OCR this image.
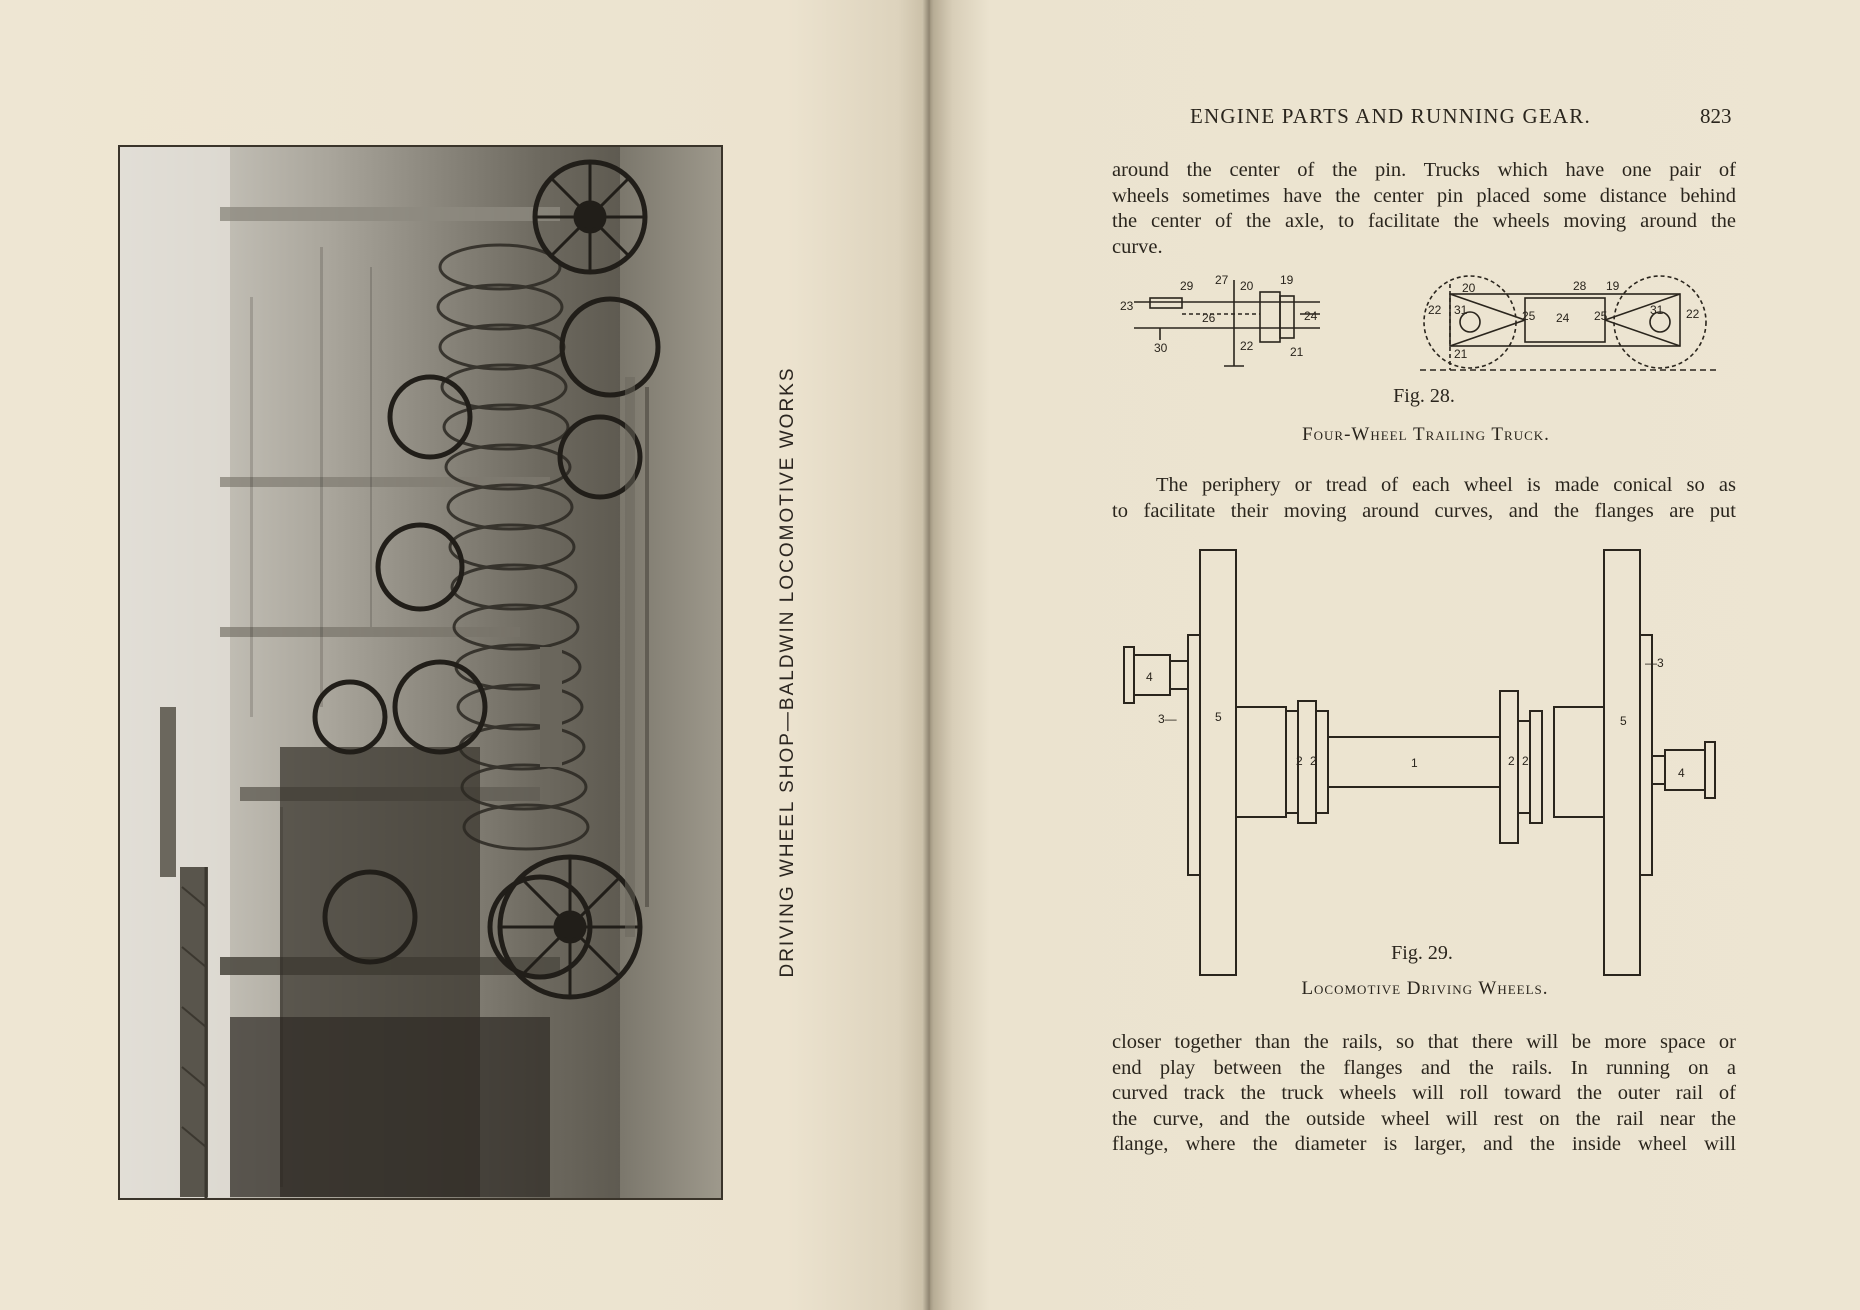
DRIVING WHEEL SHOP—BALDWIN LOCOMOTIVE WORKS
ENGINE PARTS AND RUNNING GEAR.	823
around the center of the pin. Trucks which have one pair of
wheels sometimes have the center pin placed some distance behind
the center of the axle, to facilitate the wheels moving around the
curve.
29 27 20 19
23
26	24
30	22	21
20	28 19
22 31	25 24 25	31 22
21
Fig. 28.
Four-Wheel Trailing Truck.
The periphery or tread of each wheel is made conical so as
to facilitate their moving around curves, and the flanges are put
4
3—	5
2 2	1	2 2
5
—3
4
Fig. 29.
Locomotive Driving Wheels.
closer together than the rails, so that there will be more space or
end play between the flanges and the rails. In running on a
curved track the truck wheels will roll toward the outer rail of
the curve, and the outside wheel will rest on the rail near the
flange, where the diameter is larger, and the inside wheel will
